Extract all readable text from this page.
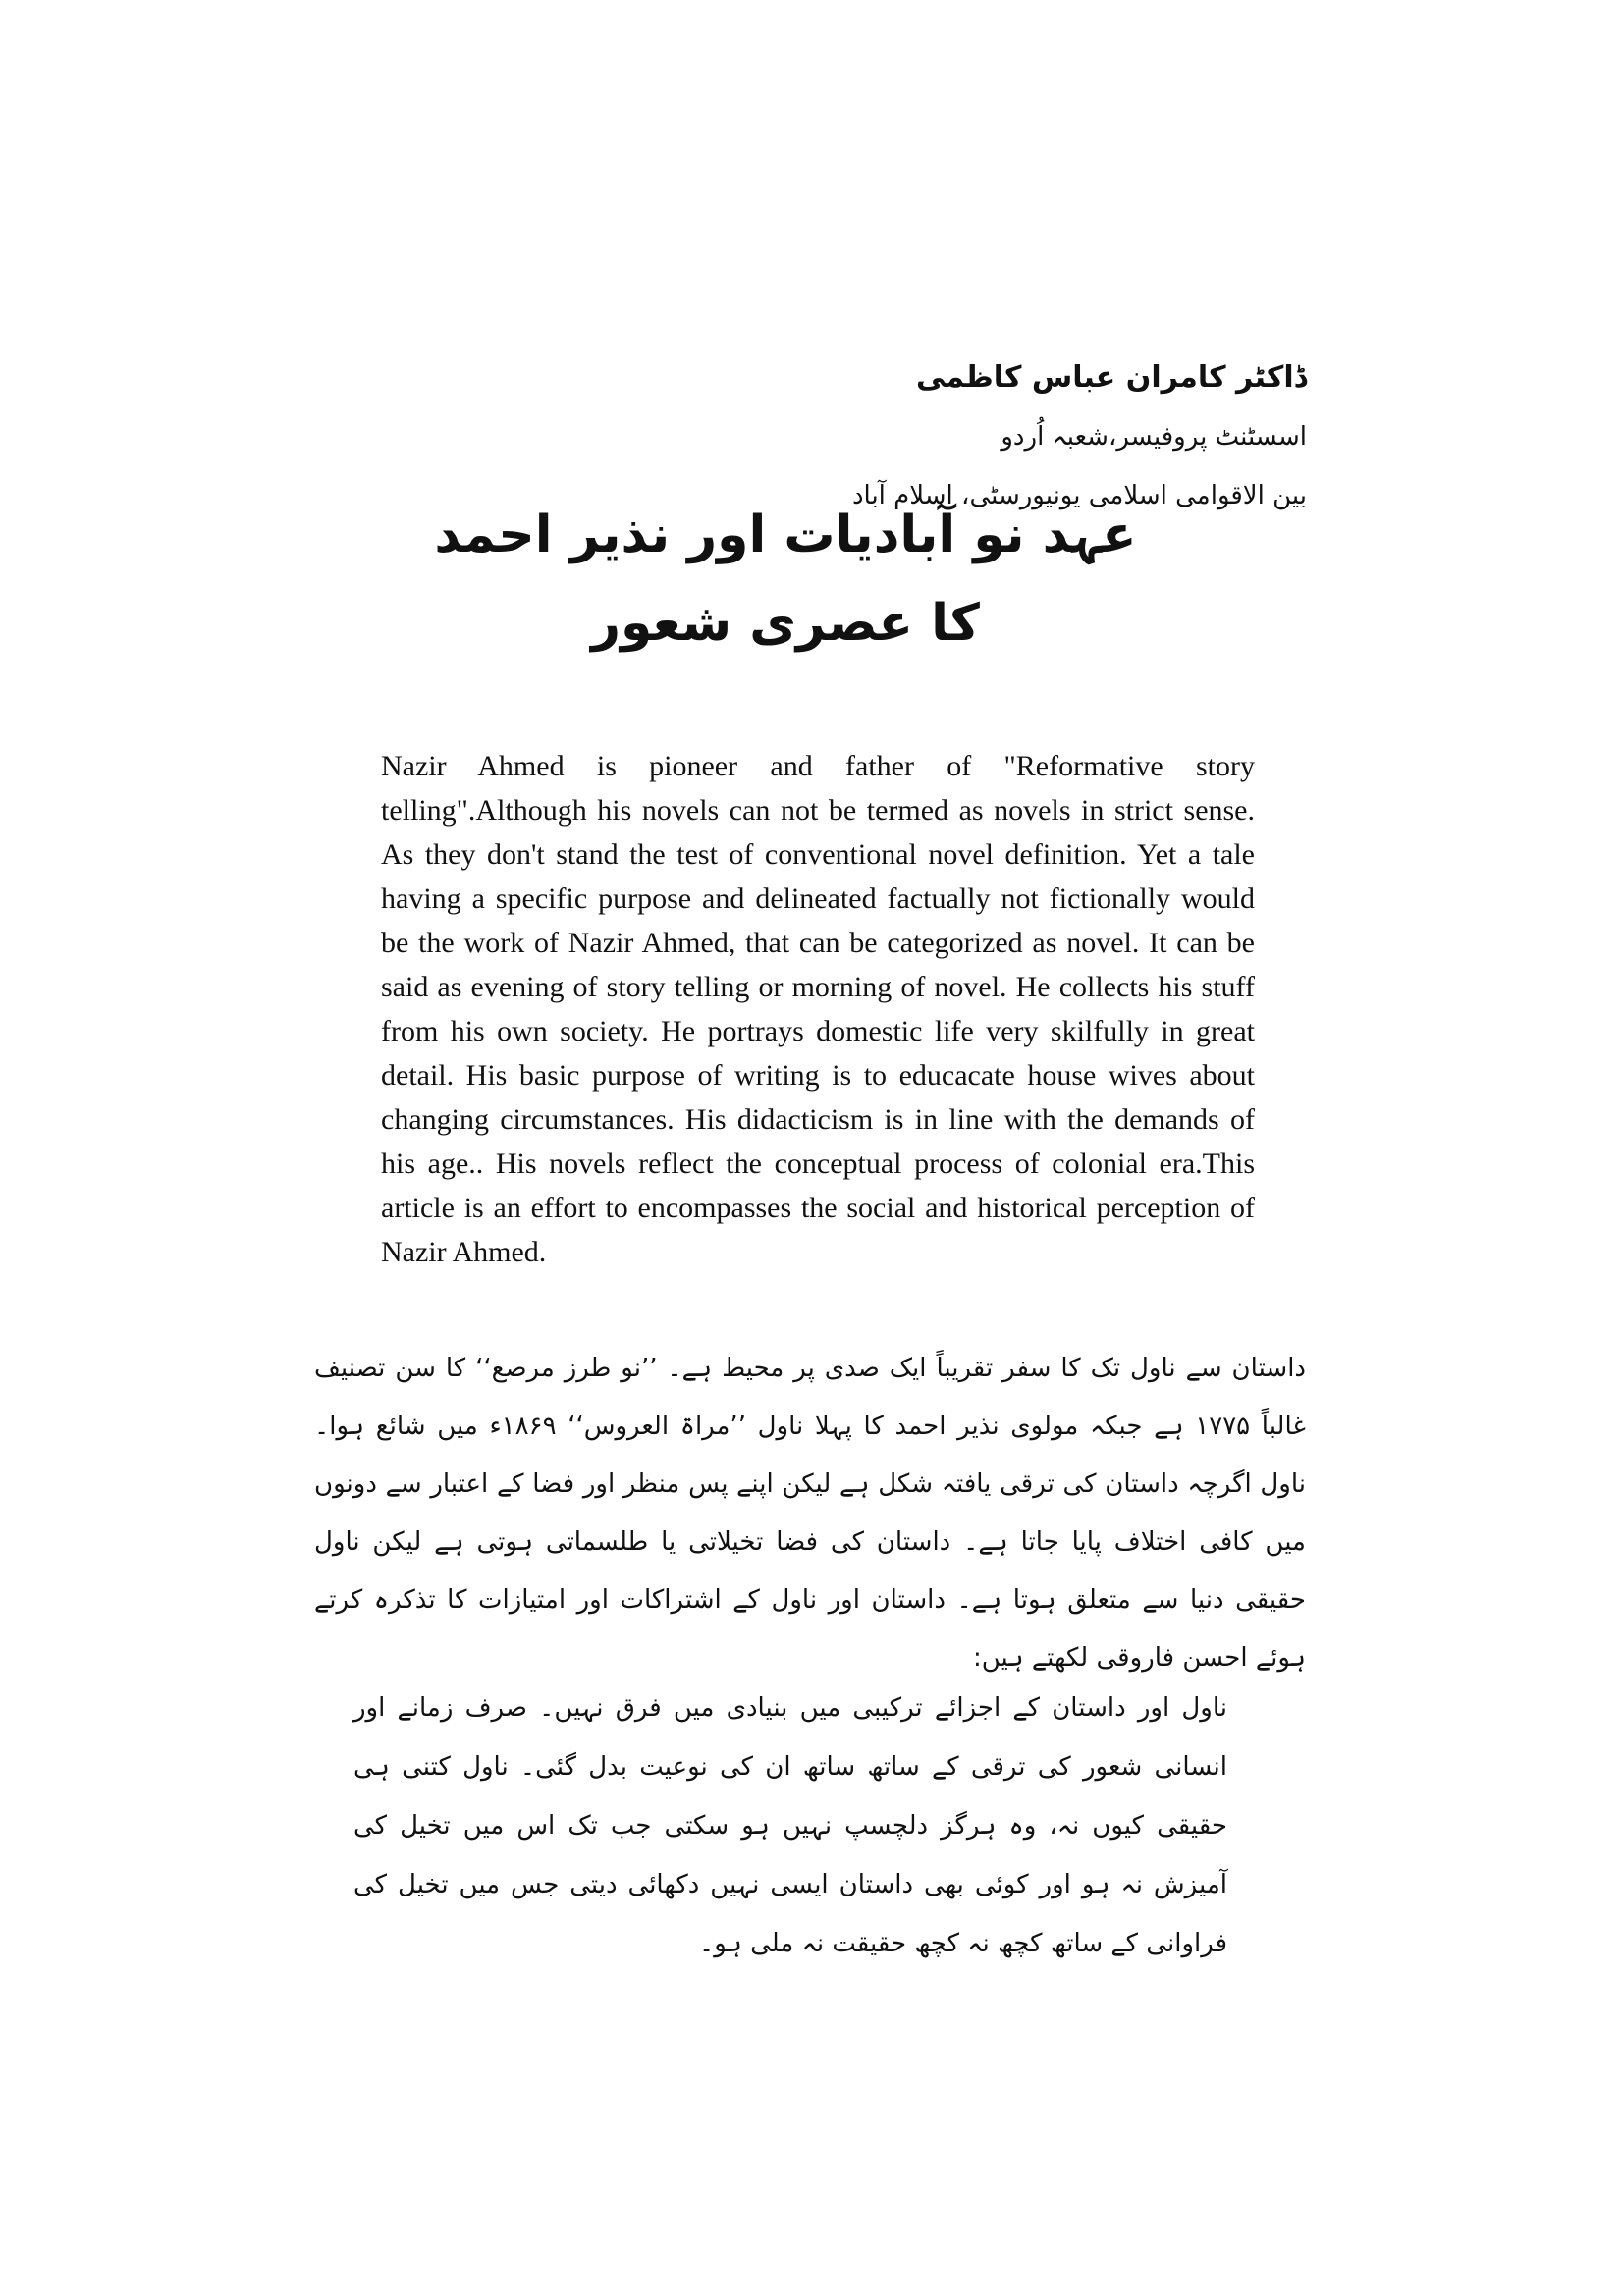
ڈاکٹر کامران عباس کاظمی

اسسٹنٹ پروفیسر،شعبہ اُردو

بین الاقوامی اسلامی یونیورسٹی، اسلام آباد

عہد نو آبادیات اور نذیر احمد کا عصری شعور

Nazir Ahmed is pioneer and father of "Reformative story telling".Although his novels can not be termed as novels in strict sense. As they don't stand the test of conventional novel definition. Yet a tale having a specific purpose and delineated factually not fictionally would be the work of Nazir Ahmed, that can be categorized as novel. It can be said as evening of story telling or morning of novel. He collects his stuff from his own society. He portrays domestic life very skilfully in great detail. His basic purpose of writing is to educacate house wives about changing circumstances. His didacticism is in line with the demands of his age.. His novels reflect the conceptual process of colonial era.This article is an effort to encompasses the social and historical perception of Nazir Ahmed.

داستان سے ناول تک کا سفر تقریباً ایک صدی پر محیط ہے۔ ’’نو طرز مرصع‘‘ کا سن تصنیف غالباً ۱۷۷۵ ہے جبکہ مولوی نذیر احمد کا پہلا ناول ’’مراۃ العروس‘‘ ۱۸۶۹ء میں شائع ہوا۔ ناول اگرچہ داستان کی ترقی یافتہ شکل ہے لیکن اپنے پس منظر اور فضا کے اعتبار سے دونوں میں کافی اختلاف پایا جاتا ہے۔ داستان کی فضا تخیلاتی یا طلسماتی ہوتی ہے لیکن ناول حقیقی دنیا سے متعلق ہوتا ہے۔ داستان اور ناول کے اشتراکات اور امتیازات کا تذکرہ کرتے ہوئے احسن فاروقی لکھتے ہیں:

ناول اور داستان کے اجزائے ترکیبی میں بنیادی میں فرق نہیں۔ صرف زمانے اور انسانی شعور کی ترقی کے ساتھ ساتھ ان کی نوعیت بدل گئی۔ ناول کتنی ہی حقیقی کیوں نہ، وہ ہرگز دلچسپ نہیں ہو سکتی جب تک اس میں تخیل کی آمیزش نہ ہو اور کوئی بھی داستان ایسی نہیں دکھائی دیتی جس میں تخیل کی فراوانی کے ساتھ کچھ نہ کچھ حقیقت نہ ملی ہو۔
